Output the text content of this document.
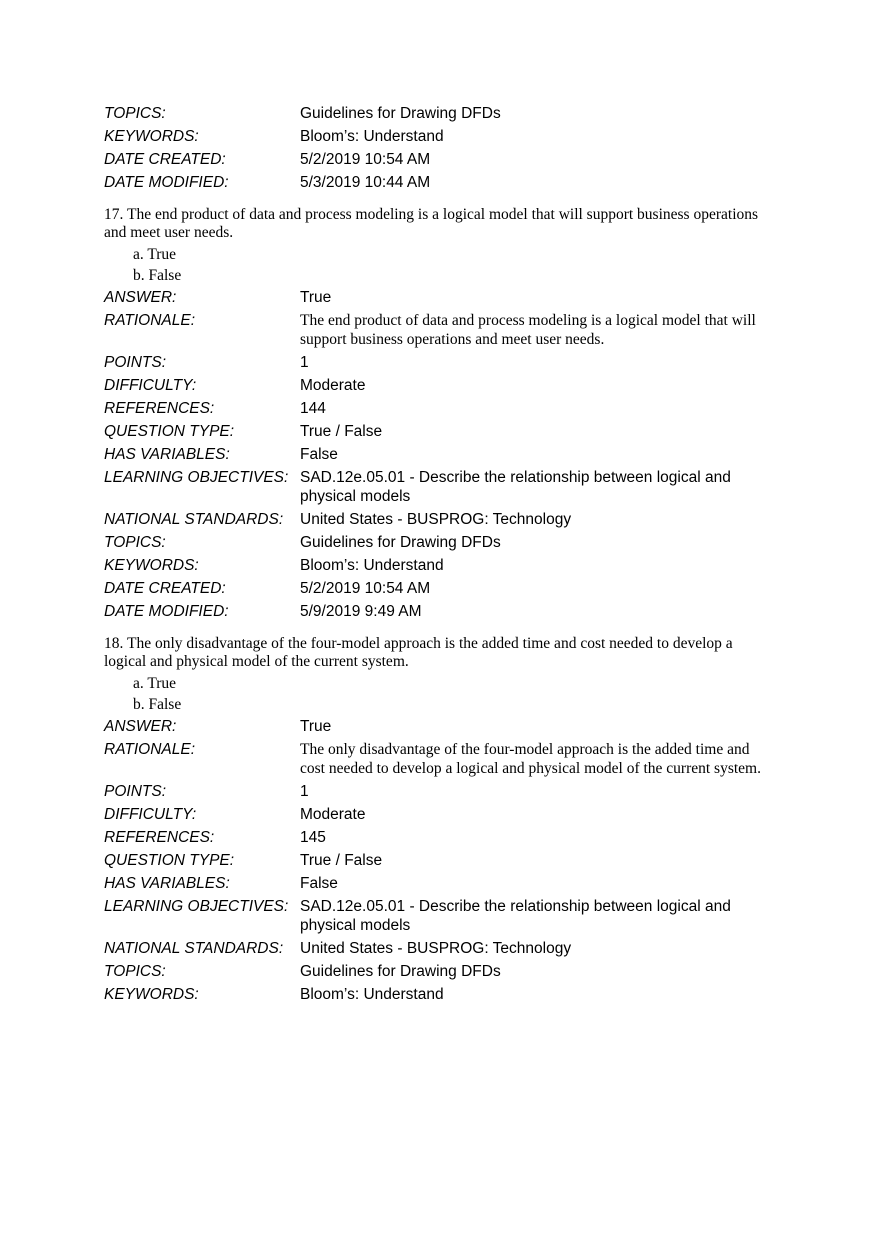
TOPICS:	Guidelines for Drawing DFDs
KEYWORDS:	Bloom’s: Understand
DATE CREATED:	5/2/2019 10:54 AM
DATE MODIFIED:	5/3/2019 10:44 AM
17. The end product of data and process modeling is a logical model that will support business operations and meet user needs.
a. True
b. False
ANSWER:	True
RATIONALE:	The end product of data and process modeling is a logical model that will support business operations and meet user needs.
POINTS:	1
DIFFICULTY:	Moderate
REFERENCES:	144
QUESTION TYPE:	True / False
HAS VARIABLES:	False
LEARNING OBJECTIVES: SAD.12e.05.01 - Describe the relationship between logical and physical models
NATIONAL STANDARDS:	United States - BUSPROG: Technology
TOPICS:	Guidelines for Drawing DFDs
KEYWORDS:	Bloom’s: Understand
DATE CREATED:	5/2/2019 10:54 AM
DATE MODIFIED:	5/9/2019 9:49 AM
18. The only disadvantage of the four-model approach is the added time and cost needed to develop a logical and physical model of the current system.
a. True
b. False
ANSWER:	True
RATIONALE:	The only disadvantage of the four-model approach is the added time and cost needed to develop a logical and physical model of the current system.
POINTS:	1
DIFFICULTY:	Moderate
REFERENCES:	145
QUESTION TYPE:	True / False
HAS VARIABLES:	False
LEARNING OBJECTIVES: SAD.12e.05.01 - Describe the relationship between logical and physical models
NATIONAL STANDARDS:	United States - BUSPROG: Technology
TOPICS:	Guidelines for Drawing DFDs
KEYWORDS:	Bloom’s: Understand
